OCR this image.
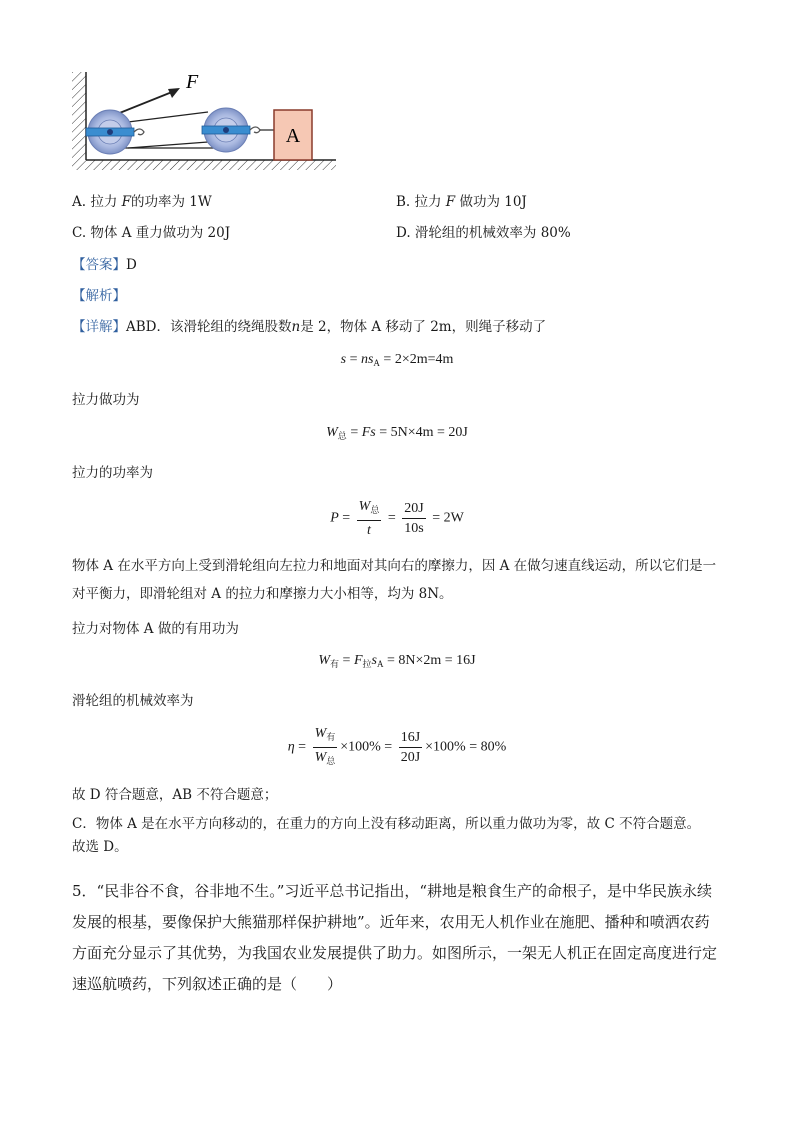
F
A
A. 拉力 F的功率为 1W	B. 拉力 F 做功为 10J
C. 物体 A 重力做功为 20J	D. 滑轮组的机械效率为 80%
【答案】D
【解析】
【详解】ABD．该滑轮组的绕绳股数n是 2，物体 A 移动了 2m，则绳子移动了
$s = ns_A = 2\times 2m=4m$
拉力做功为
$W_总 = Fs = 5N\times 4m = 20J$
拉力的功率为
$P = \frac{W_总}{t} = \frac{20J}{10s} = 2W$
物体 A 在水平方向上受到滑轮组向左拉力和地面对其向右的摩擦力，因 A 在做匀速直线运动，所以它们是一对平衡力，即滑轮组对 A 的拉力和摩擦力大小相等，均为 8N。
拉力对物体 A 做的有用功为
$W_有 = F_拉s_A = 8N\times 2m = 16J$
滑轮组的机械效率为
$\eta = \frac{W_有}{W_总} \times 100\% = \frac{16J}{20J} \times 100\% = 80\%$
故 D 符合题意，AB 不符合题意；
C．物体 A 是在水平方向移动的，在重力的方向上没有移动距离，所以重力做功为零，故 C 不符合题意。
故选 D。
5．“民非谷不食，谷非地不生。”习近平总书记指出，“耕地是粮食生产的命根子，是中华民族永续发展的根基，要像保护大熊猫那样保护耕地”。近年来，农用无人机作业在施肥、播种和喷洒农药方面充分显示了其优势，为我国农业发展提供了助力。如图所示，一架无人机正在固定高度进行定速巡航喷药，下列叙述正确的是（　　）
